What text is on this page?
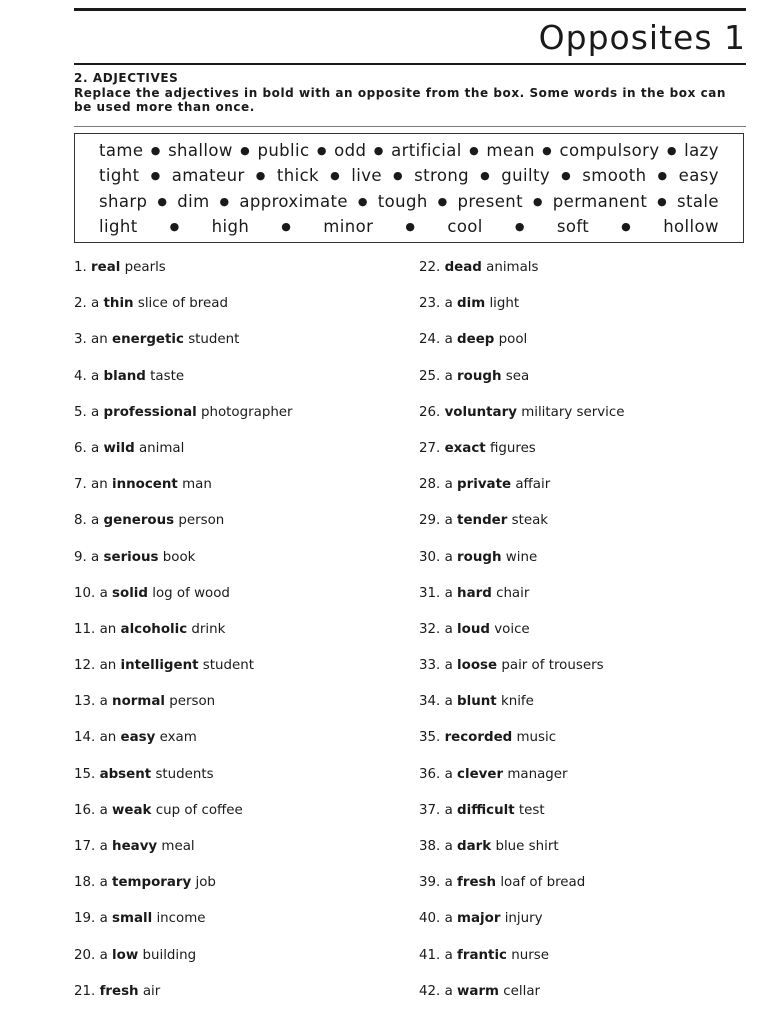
Opposites 1
2. ADJECTIVES

Replace the adjectives in bold with an opposite from the box. Some words in the box can be used more than once.

tame ● shallow ● public ● odd ● artificial ● mean ● compulsory ● lazy
tight ● amateur ● thick ● live ● strong ● guilty ● smooth ● easy
sharp ● dim ● approximate ● tough ● present ● permanent ● stale
light	● high	● minor	● cool	● soft	● hollow
1. real pearls
2. a thin slice of bread
3. an energetic student
4. a bland taste
5. a professional photographer
6. a wild animal
7. an innocent man
8. a generous person
9. a serious book
10. a solid log of wood
11. an alcoholic drink
12. an intelligent student
13. a normal person
14. an easy exam
15. absent students
16. a weak cup of coffee
17. a heavy meal
18. a temporary job
19. a small income
20. a low building
21. fresh air
22. dead animals
23. a dim light
24. a deep pool
25. a rough sea
26. voluntary military service
27. exact figures
28. a private affair
29. a tender steak
30. a rough wine
31. a hard chair
32. a loud voice
33. a loose pair of trousers
34. a blunt knife
35. recorded music
36. a clever manager
37. a difficult test
38. a dark blue shirt
39. a fresh loaf of bread
40. a major injury
41. a frantic nurse
42. a warm cellar
